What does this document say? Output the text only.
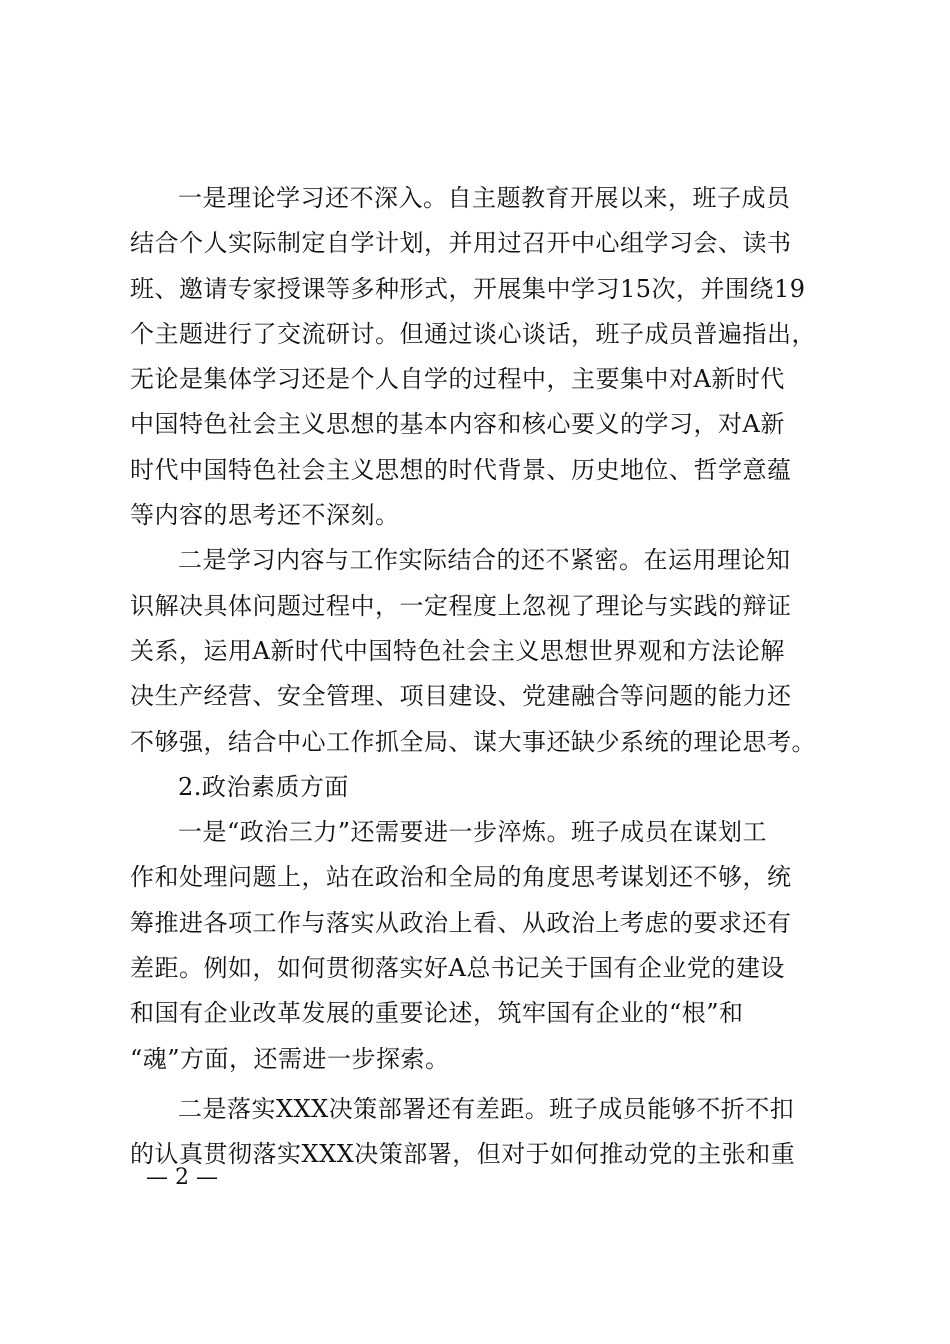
一是理论学习还不深入。自主题教育开展以来，班子成员
结合个人实际制定自学计划，并用过召开中心组学习会、读书
班、邀请专家授课等多种形式，开展集中学习15次，并围绕19
个主题进行了交流研讨。但通过谈心谈话，班子成员普遍指出，
无论是集体学习还是个人自学的过程中，主要集中对A新时代
中国特色社会主义思想的基本内容和核心要义的学习，对A新
时代中国特色社会主义思想的时代背景、历史地位、哲学意蕴
等内容的思考还不深刻。
二是学习内容与工作实际结合的还不紧密。在运用理论知
识解决具体问题过程中，一定程度上忽视了理论与实践的辩证
关系，运用A新时代中国特色社会主义思想世界观和方法论解
决生产经营、安全管理、项目建设、党建融合等问题的能力还
不够强，结合中心工作抓全局、谋大事还缺少系统的理论思考。
2.政治素质方面
一是“政治三力”还需要进一步淬炼。班子成员在谋划工
作和处理问题上，站在政治和全局的角度思考谋划还不够，统
筹推进各项工作与落实从政治上看、从政治上考虑的要求还有
差距。例如，如何贯彻落实好A总书记关于国有企业党的建设
和国有企业改革发展的重要论述，筑牢国有企业的“根”和
“魂”方面，还需进一步探索。
二是落实XXX决策部署还有差距。班子成员能够不折不扣
的认真贯彻落实XXX决策部署，但对于如何推动党的主张和重
— 2 —
